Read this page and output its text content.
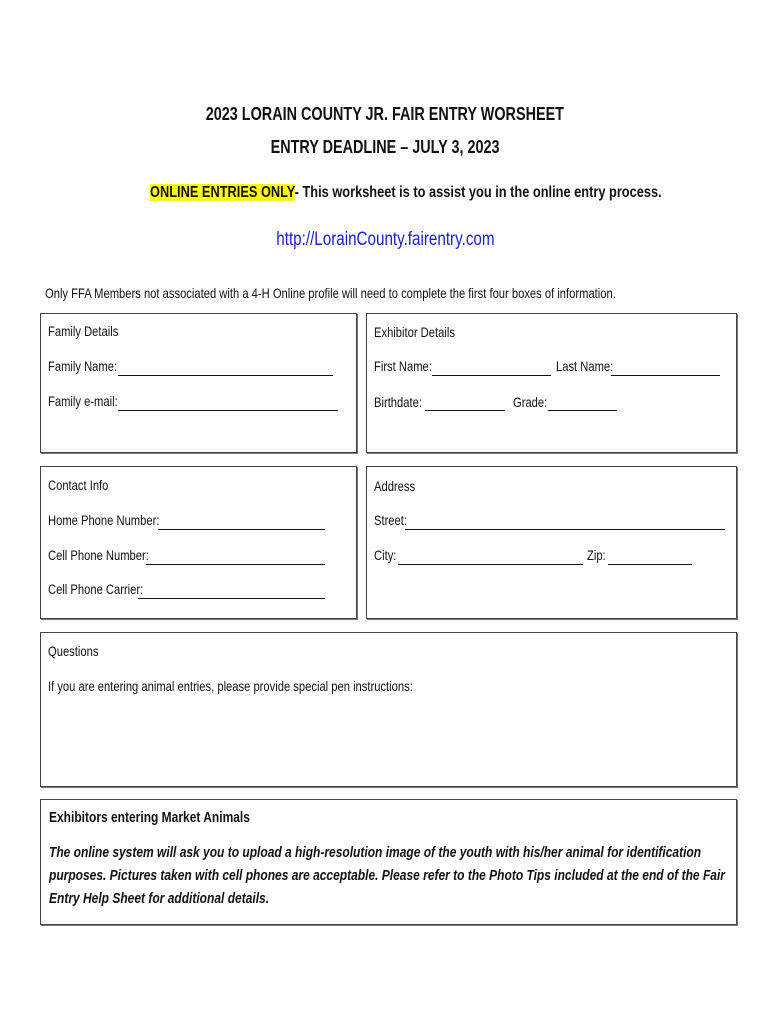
2023 LORAIN COUNTY JR. FAIR ENTRY WORSHEET
ENTRY DEADLINE – JULY 3, 2023
ONLINE ENTRIES ONLY- This worksheet is to assist you in the online entry process.
http://LorainCounty.fairentry.com
Only FFA Members not associated with a 4-H Online profile will need to complete the first four boxes of information.
Family Details
Family Name:
Family e-mail:
Exhibitor Details
First Name:	Last Name:
Birthdate:	Grade:
Contact Info
Home Phone Number:
Cell Phone Number:
Cell Phone Carrier:
Address
Street:
City:	Zip:
Questions
If you are entering animal entries, please provide special pen instructions:
Exhibitors entering Market Animals
The online system will ask you to upload a high-resolution image of the youth with his/her animal for identification
purposes. Pictures taken with cell phones are acceptable. Please refer to the Photo Tips included at the end of the Fair
Entry Help Sheet for additional details.
